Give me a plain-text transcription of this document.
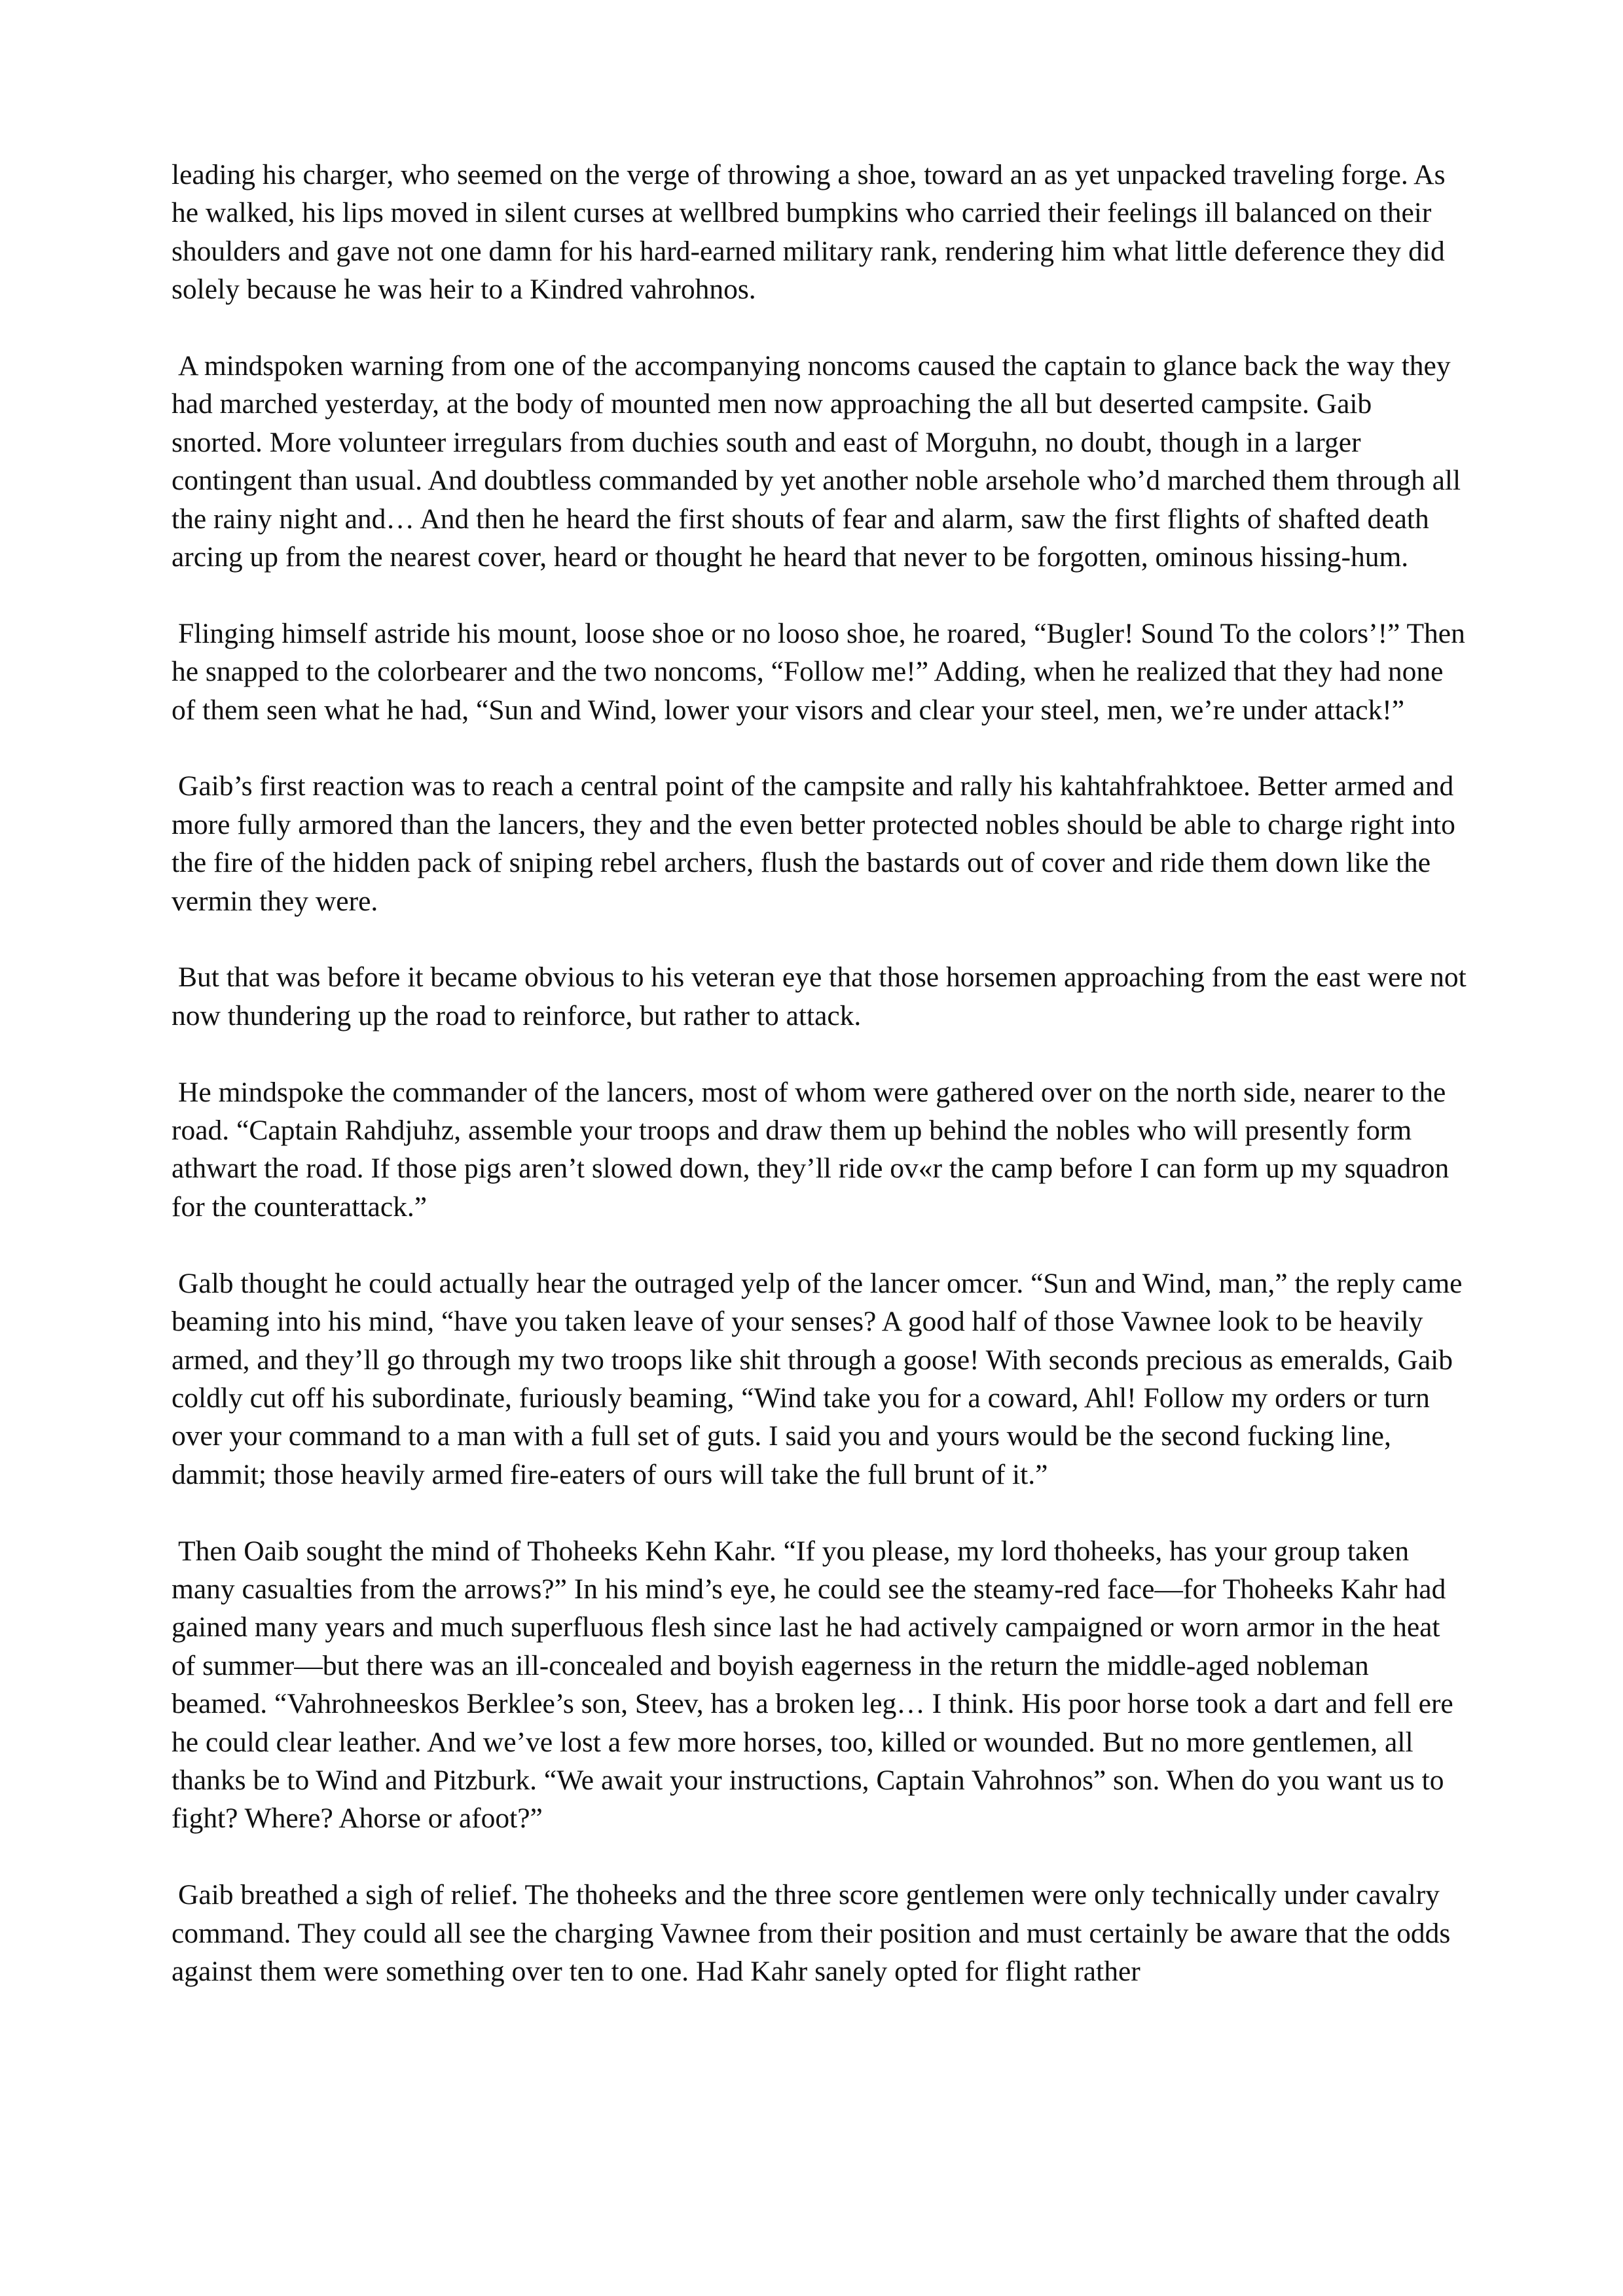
leading his charger, who seemed on the verge of throwing a shoe, toward an as yet unpacked traveling forge. As he walked, his lips moved in silent curses at wellbred bumpkins who carried their feelings ill balanced on their shoulders and gave not one damn for his hard-earned military rank, rendering him what little deference they did solely because he was heir to a Kindred vahrohnos.

A mindspoken warning from one of the accompanying noncoms caused the captain to glance back the way they had marched yesterday, at the body of mounted men now approaching the all but deserted campsite. Gaib snorted. More volunteer irregulars from duchies south and east of Morguhn, no doubt, though in a larger contingent than usual. And doubtless commanded by yet another noble arsehole who’d marched them through all the rainy night and… And then he heard the first shouts of fear and alarm, saw the first flights of shafted death arcing up from the nearest cover, heard or thought he heard that never to be forgotten, ominous hissing-hum.

Flinging himself astride his mount, loose shoe or no looso shoe, he roared, “Bugler! Sound To the colors’!” Then he snapped to the colorbearer and the two noncoms, “Follow me!” Adding, when he realized that they had none of them seen what he had, “Sun and Wind, lower your visors and clear your steel, men, we’re under attack!”

Gaib’s first reaction was to reach a central point of the campsite and rally his kahtahfrahktoee. Better armed and more fully armored than the lancers, they and the even better protected nobles should be able to charge right into the fire of the hidden pack of sniping rebel archers, flush the bastards out of cover and ride them down like the vermin they were.

But that was before it became obvious to his veteran eye that those horsemen approaching from the east were not now thundering up the road to reinforce, but rather to attack.

He mindspoke the commander of the lancers, most of whom were gathered over on the north side, nearer to the road. “Captain Rahdjuhz, assemble your troops and draw them up behind the nobles who will presently form athwart the road. If those pigs aren’t slowed down, they’ll ride ov«r the camp before I can form up my squadron for the counterattack.”

Galb thought he could actually hear the outraged yelp of the lancer omcer. “Sun and Wind, man,” the reply came beaming into his mind, “have you taken leave of your senses? A good half of those Vawnee look to be heavily armed, and they’ll go through my two troops like shit through a goose! With seconds precious as emeralds, Gaib coldly cut off his subordinate, furiously beaming, “Wind take you for a coward, Ahl! Follow my orders or turn over your command to a man with a full set of guts. I said you and yours would be the second fucking line, dammit; those heavily armed fire-eaters of ours will take the full brunt of it.”

Then Oaib sought the mind of Thoheeks Kehn Kahr. “If you please, my lord thoheeks, has your group taken many casualties from the arrows?” In his mind’s eye, he could see the steamy-red face—for Thoheeks Kahr had gained many years and much superfluous flesh since last he had actively campaigned or worn armor in the heat of summer—but there was an ill-concealed and boyish eagerness in the return the middle-aged nobleman beamed. “Vahrohneeskos Berklee’s son, Steev, has a broken leg… I think. His poor horse took a dart and fell ere he could clear leather. And we’ve lost a few more horses, too, killed or wounded. But no more gentlemen, all thanks be to Wind and Pitzburk. “We await your instructions, Captain Vahrohnos” son. When do you want us to fight? Where? Ahorse or afoot?”

Gaib breathed a sigh of relief. The thoheeks and the three score gentlemen were only technically under cavalry command. They could all see the charging Vawnee from their position and must certainly be aware that the odds against them were something over ten to one. Had Kahr sanely opted for flight rather
